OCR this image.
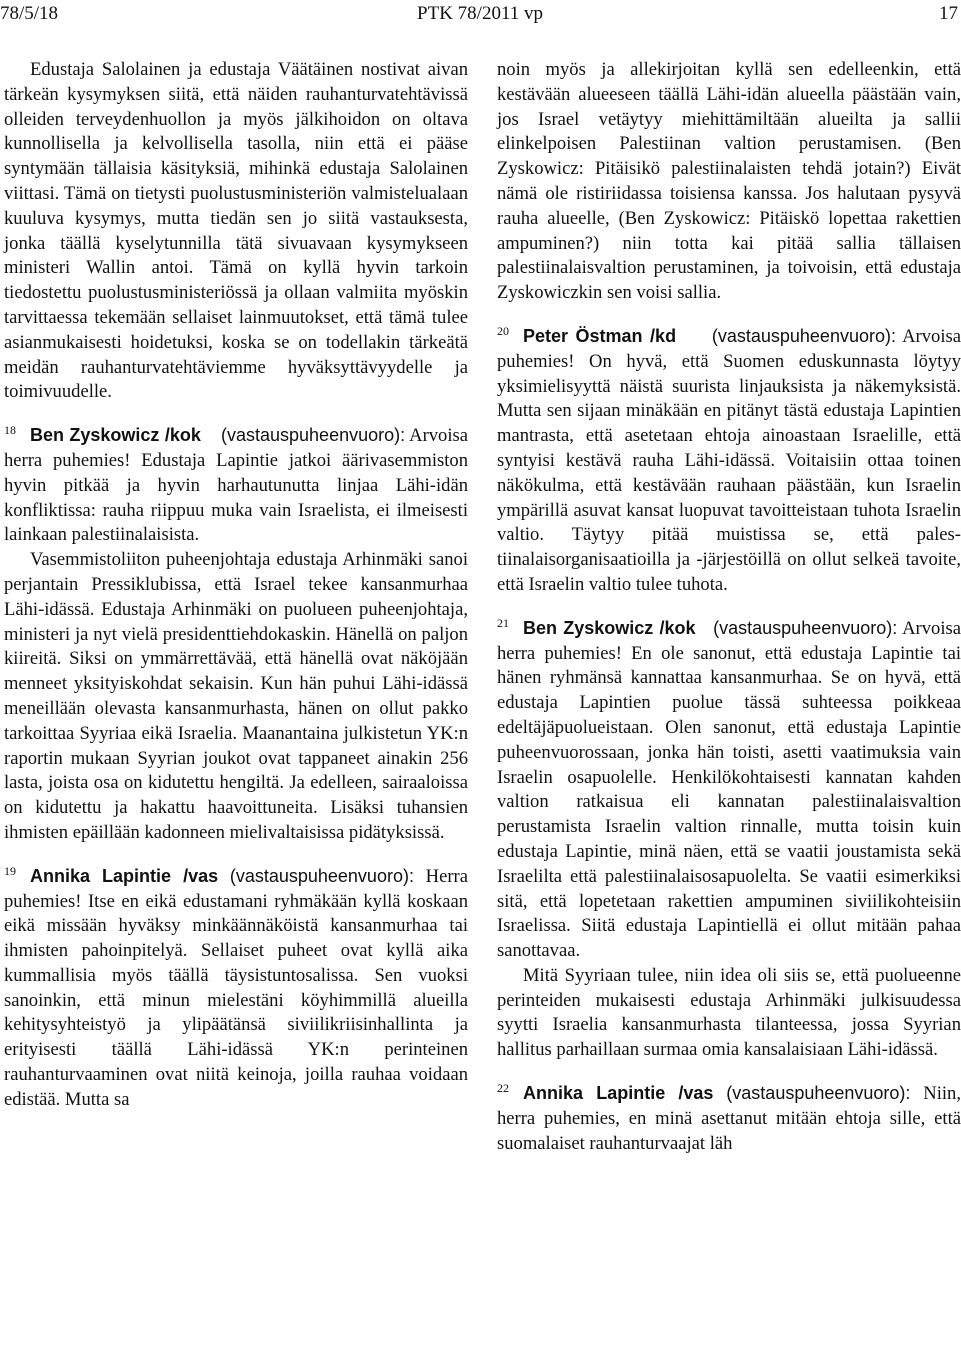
78/5/18	PTK 78/2011 vp	17

Edustaja Salolainen ja edustaja Väätäinen nostivat aivan tärkeän kysymyksen siitä, että näiden rauhanturvatehtävissä olleiden terveydenhuollon ja myös jälkihoidon on oltava kunnollisella ja kelvollisella tasolla, niin että ei pääse syntymään tällaisia käsityksiä, mihinkä edustaja Salolainen viittasi. Tämä on tietysti puolustusministeriön valmistelualaan kuuluva kysymys, mutta tiedän sen jo siitä vastauksesta, jonka täällä kyselytunnilla tätä sivuavaan kysymykseen ministeri Wallin antoi. Tämä on kyllä hyvin tarkoin tiedostettu puolustusministeriössä ja ollaan valmiita myöskin tarvittaessa tekemään sellaiset lainmuutokset, että tämä tulee asianmukaisesti hoidetuksi, koska se on todellakin tärkeätä meidän rauhanturvatehtäviemme hyväksyttävyydelle ja toimivuudelle.

$^{18}$ Ben Zyskowicz /kok (vastauspuheenvuoro): Arvoisa herra puhemies! Edustaja Lapintie jatkoi äärivasemmiston hyvin pitkää ja hyvin harhautunutta linjaa Lähi-idän konfliktissa: rauha riippuu muka vain Israelista, ei ilmeisesti lainkaan palestiinalaisista.

Vasemmistoliiton puheenjohtaja edustaja Arhinmäki sanoi perjantain Pressiklubissa, että Israel tekee kansanmurhaa Lähi-idässä. Edustaja Arhinmäki on puolueen puheenjohtaja, ministeri ja nyt vielä presidenttiehdokaskin. Hänellä on paljon kiireitä. Siksi on ymmärrettävää, että hänellä ovat näköjään menneet yksityiskohdat sekaisin. Kun hän puhui Lähi-idässä meneillään olevasta kansanmurhasta, hänen on ollut pakko tarkoittaa Syyriaa eikä Israelia. Maanantaina julkistetun YK:n raportin mukaan Syyrian joukot ovat tappaneet ainakin 256 lasta, joista osa on kidutettu hengiltä. Ja edelleen, sairaaloissa on kidutettu ja hakattu haavoittuneita. Lisäksi tuhansien ihmisten epäillään kadonneen mielivaltaisissa pidätyksissä.

$^{19}$ Annika Lapintie /vas (vastauspuheenvuoro): Herra puhemies! Itse en eikä edustamani ryhmäkään kyllä koskaan eikä missään hyväksy minkäännäköistä kansanmurhaa tai ihmisten pahoinpitelyä. Sellaiset puheet ovat kyllä aika kummallisia myös täällä täysistuntosalissa. Sen vuoksi sanoinkin, että minun mielestäni köyhimmillä alueilla kehitysyhteistyö ja ylipäätänsä siviilikriisinhallinta ja erityisesti täällä Lähi-idässä YK:n perinteinen rauhanturvaaminen ovat niitä keinoja, joilla rauhaa voidaan edistää. Mutta sa

noin myös ja allekirjoitan kyllä sen edelleenkin, että kestävään alueeseen täällä Lähi-idän alueella päästään vain, jos Israel vetäytyy miehittämiltään alueilta ja sallii elinkelpoisen Palestiinan valtion perustamisen. (Ben Zyskowicz: Pitäisikö palestiinalaisten tehdä jotain?) Eivät nämä ole ristiriidassa toisiensa kanssa. Jos halutaan pysyvä rauha alueelle, (Ben Zyskowicz: Pitäiskö lopettaa rakettien ampuminen?) niin totta kai pitää sallia tällaisen palestiinalaisvaltion perustaminen, ja toivoisin, että edustaja Zyskowiczkin sen voisi sallia.

$^{20}$ Peter Östman /kd (vastauspuheenvuoro): Arvoisa puhemies! On hyvä, että Suomen eduskunnasta löytyy yksimielisyyttä näistä suurista linjauksista ja näkemyksistä. Mutta sen sijaan minäkään en pitänyt tästä edustaja Lapintien mantrasta, että asetetaan ehtoja ainoastaan Israelille, että syntyisi kestävä rauha Lähi-idässä. Voitaisiin ottaa toinen näkökulma, että kestävään rauhaan päästään, kun Israelin ympärillä asuvat kansat luopuvat tavoitteistaan tuhota Israelin valtio. Täytyy pitää muistissa se, että palestiinalaisorganisaatioilla ja -järjestöillä on ollut selkeä tavoite, että Israelin valtio tulee tuhota.

$^{21}$ Ben Zyskowicz /kok (vastauspuheenvuoro): Arvoisa herra puhemies! En ole sanonut, että edustaja Lapintie tai hänen ryhmänsä kannattaa kansanmurhaa. Se on hyvä, että edustaja Lapintien puolue tässä suhteessa poikkeaa edeltäjäpuolueistaan. Olen sanonut, että edustaja Lapintie puheenvuorossaan, jonka hän toisti, asetti vaatimuksia vain Israelin osapuolelle. Henkilökohtaisesti kannatan kahden valtion ratkaisua eli kannatan palestiinalaisvaltion perustamista Israelin valtion rinnalle, mutta toisin kuin edustaja Lapintie, minä näen, että se vaatii joustamista sekä Israelilta että palestiinalaisosapuolelta. Se vaatii esimerkiksi sitä, että lopetetaan rakettien ampuminen siviilikohteisiin Israelissa. Siitä edustaja Lapintiellä ei ollut mitään pahaa sanottavaa.

Mitä Syyriaan tulee, niin idea oli siis se, että puolueenne perinteiden mukaisesti edustaja Arhinmäki julkisuudessa syytti Israelia kansanmurhasta tilanteessa, jossa Syyrian hallitus parhaillaan surmaa omia kansalaisiaan Lähi-idässä.

$^{22}$ Annika Lapintie /vas (vastauspuheenvuoro): Niin, herra puhemies, en minä asettanut mitään ehtoja sille, että suomalaiset rauhanturvaajat läh
